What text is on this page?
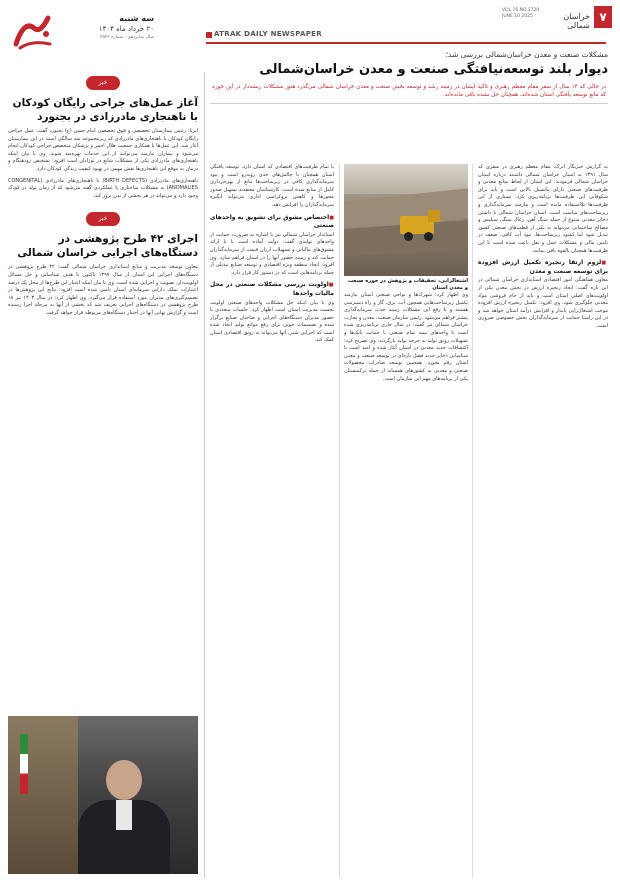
سه شنبه
۲۰ خرداد ماه ۱۴۰۴
سال شانزدهم - شماره ۲۵۲۲
VOL 16 NO.1720
JUNE 10 2025	خراسان شمالی
۷
ATRAK DAILY NEWSPAPER
خبر
آغاز عمل‌های جراحی رایگان کودکان با ناهنجاری مادرزادی در بجنورد

ایرنا: رئیس بیمارستان تخصصی و فوق تخصصی امام حسن (ع) بجنورد گفت: عمل جراحی رایگان کودکان با ناهنجاری‌های مادرزادی که زیرمجموعه سه سالگی است در این بیمارستان آغاز شد. این عمل‌ها با همکاری جمعیت هلال احمر و پزشکان متخصص جراحی کودکان انجام می‌شود و بیماران نیازمند می‌توانند از این خدمات بهره‌مند شوند. وی با بیان اینکه ناهنجاری‌های مادرزادی یکی از مشکلات شایع در نوزادان است افزود: تشخیص زودهنگام و درمان به موقع این ناهنجاری‌ها نقش مهمی در بهبود کیفیت زندگی کودکان دارد.

ناهنجاری‌های مادرزادی (BIRTH DEFECTS) یا ناهنجاری‌های مادرزادی (CONGENITAL ANOMALIES) به مشکلات ساختاری یا عملکردی گفته می‌شود که از زمان تولد در کودک وجود دارد و می‌تواند در هر بخشی از بدن بروز کند.

خبر
اجرای ۴۲ طرح پژوهشی در دستگاه‌های اجرایی خراسان شمالی

معاون توسعه مدیریت و منابع استانداری خراسان شمالی گفت: ۴۲ طرح پژوهشی در دستگاه‌های اجرایی این استان از سال ۱۳۹۷ تاکنون با هدف شناسایی و حل مسائل اولویت‌دار، تصویب و اجرایی شده است. وی با بیان اینکه اعتبار این طرح‌ها از محل یک درصد اعتبارات تملک دارایی سرمایه‌ای استان تامین شده است افزود: نتایج این پژوهش‌ها در تصمیم‌گیری‌های مدیران مورد استفاده قرار می‌گیرد. وی اظهار کرد: در سال ۱۴۰۳ نیز ۱۸ طرح پژوهشی در دستگاه‌های اجرایی تعریف شد که بخشی از آنها به مرحله اجرا رسیده است و گزارش نهایی آنها در اختیار دستگاه‌های مربوطه قرار خواهد گرفت.

مشکلات صنعت و معدن خراسان‌شمالی بررسی شد؛
دیوار بلند توسعه‌نیافتگی صنعت و معدن خراسان‌شمالی

در حالی که ۱۴ سال از سفر مقام معظم رهبری و تاکید ایشان در زمینه رشد و توسعه بخش صنعت و معدن خراسان شمالی می‌گذرد هنوز مشکلات ریشه‌دار در این حوزه که مانع توسعه یافتگی استان شده‌اند، همچنان حل نشده باقی مانده‌اند.

به گزارش خبرنگار آترک، مقام معظم رهبری در سفری که سال ۱۳۹۱ به استان خراسان شمالی داشتند درباره استان خراسان شمالی فرمودند: این استان از لحاظ منابع معدنی و ظرفیت‌های صنعتی دارای پتانسیل بالایی است و باید برای شکوفایی این ظرفیت‌ها برنامه‌ریزی کرد. بسیاری از این ظرفیت‌ها بلااستفاده مانده است و نیازمند سرمایه‌گذاری و زیرساخت‌های مناسب است. استان خراسان شمالی با داشتن ذخایر معدنی متنوع از جمله سنگ آهن، زغال سنگ، سیلیس و مصالح ساختمانی می‌تواند به یکی از قطب‌های صنعتی کشور تبدیل شود اما کمبود زیرساخت‌ها، نبود آب کافی، ضعف در تامین مالی و مشکلات حمل و نقل باعث شده است تا این ظرفیت‌ها همچنان بالقوه باقی بمانند.

■ لزوم ارتقا زنجیره تکمیل ارزش افزوده برای توسعه صنعت و معدن

معاون هماهنگی امور اقتصادی استانداری خراسان شمالی در این باره گفت: ایجاد زنجیره ارزش در بخش معدن یکی از اولویت‌های اصلی استان است و باید از خام فروشی مواد معدنی جلوگیری شود. وی افزود: تکمیل زنجیره ارزش افزوده موجب اشتغال‌زایی پایدار و افزایش درآمد استان خواهد شد و در این راستا حمایت از سرمایه‌گذاران بخش خصوصی ضروری است.

اشتغالزایی، تحقیقات و پژوهش در حوزه صنعت و معدن استان

وی اظهار کرد: شهرک‌ها و نواحی صنعتی استان نیازمند تکمیل زیرساخت‌هایی همچون آب، برق، گاز و راه دسترسی هستند و با رفع این مشکلات زمینه جذب سرمایه‌گذاری بیشتر فراهم می‌شود. رئیس سازمان صنعت، معدن و تجارت خراسان شمالی نیز گفت: در سال جاری برنامه‌ریزی شده است تا واحدهای نیمه تمام صنعتی با حمایت بانک‌ها و تسهیلات رونق تولید به چرخه تولید بازگردند. وی تصریح کرد: اکتشافات جدید معدنی در استان آغاز شده و امید است با شناسایی ذخایر جدید فصل تازه‌ای در توسعه صنعت و معدن استان رقم بخورد. همچنین توسعه صادرات محصولات صنعتی و معدنی به کشورهای همسایه از جمله ترکمنستان یکی از برنامه‌های مهم این سازمان است.

با تمام ظرفیت‌های اقتصادی که استان دارد، توسعه یافتگی استان همچنان با چالش‌های جدی روبه‌رو است و نبود سرمایه‌گذاری کافی در زیرساخت‌ها مانع از بهره‌برداری کامل از منابع شده است. کارشناسان معتقدند تسهیل صدور مجوزها و کاهش بروکراسی اداری می‌تواند انگیزه سرمایه‌گذاران را افزایش دهد.

■ اختصاص مشوق برای تشویق به واحدهای صنعتی

استاندار خراسان شمالی نیز با اشاره به ضرورت حمایت از واحدهای تولیدی گفت: دولت آماده است تا با ارائه مشوق‌های مالیاتی و تسهیلات ارزان قیمت از سرمایه‌گذاران حمایت کند و زمینه حضور آنها را در استان فراهم سازد. وی افزود: ایجاد منطقه ویژه اقتصادی و توسعه صنایع تبدیلی از جمله برنامه‌هایی است که در دستور کار قرار دارد.

■ اولویت بررسی مشکلات صنعتی در محل مالیات واحدها

وی با بیان اینکه حل مشکلات واحدهای صنعتی اولویت نخست مدیریت استان است اظهار کرد: جلسات متعددی با حضور مدیران دستگاه‌های اجرایی و صاحبان صنایع برگزار شده و تصمیمات خوبی برای رفع موانع تولید اتخاذ شده است که اجرایی شدن آنها می‌تواند به رونق اقتصادی استان کمک کند.
